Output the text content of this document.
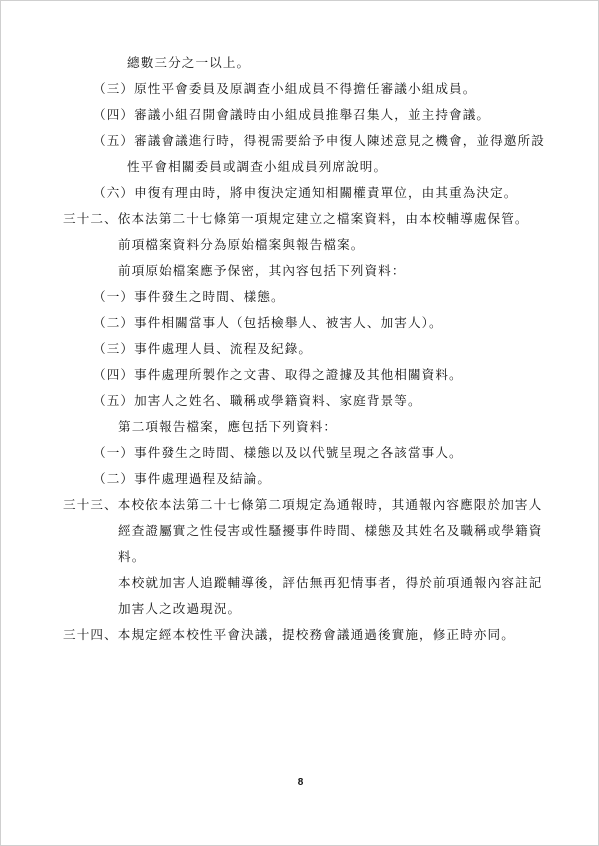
總數三分之一以上。
（三）原性平會委員及原調查小組成員不得擔任審議小組成員。
（四）審議小組召開會議時由小組成員推舉召集人，並主持會議。
（五）審議會議進行時，得視需要給予申復人陳述意見之機會，並得邀所設
性平會相關委員或調查小組成員列席說明。
（六）申復有理由時，將申復決定通知相關權責單位，由其重為決定。
三十二、依本法第二十七條第一項規定建立之檔案資料，由本校輔導處保管。
前項檔案資料分為原始檔案與報告檔案。
前項原始檔案應予保密，其內容包括下列資料：
（一）事件發生之時間、樣態。
（二）事件相關當事人（包括檢舉人、被害人、加害人）。
（三）事件處理人員、流程及紀錄。
（四）事件處理所製作之文書、取得之證據及其他相關資料。
（五）加害人之姓名、職稱或學籍資料、家庭背景等。
第二項報告檔案，應包括下列資料：
（一）事件發生之時間、樣態以及以代號呈現之各該當事人。
（二）事件處理過程及結論。
三十三、本校依本法第二十七條第二項規定為通報時，其通報內容應限於加害人
經查證屬實之性侵害或性騷擾事件時間、樣態及其姓名及職稱或學籍資
料。
本校就加害人追蹤輔導後，評估無再犯情事者，得於前項通報內容註記
加害人之改過現況。
三十四、本規定經本校性平會決議，提校務會議通過後實施，修正時亦同。
8
